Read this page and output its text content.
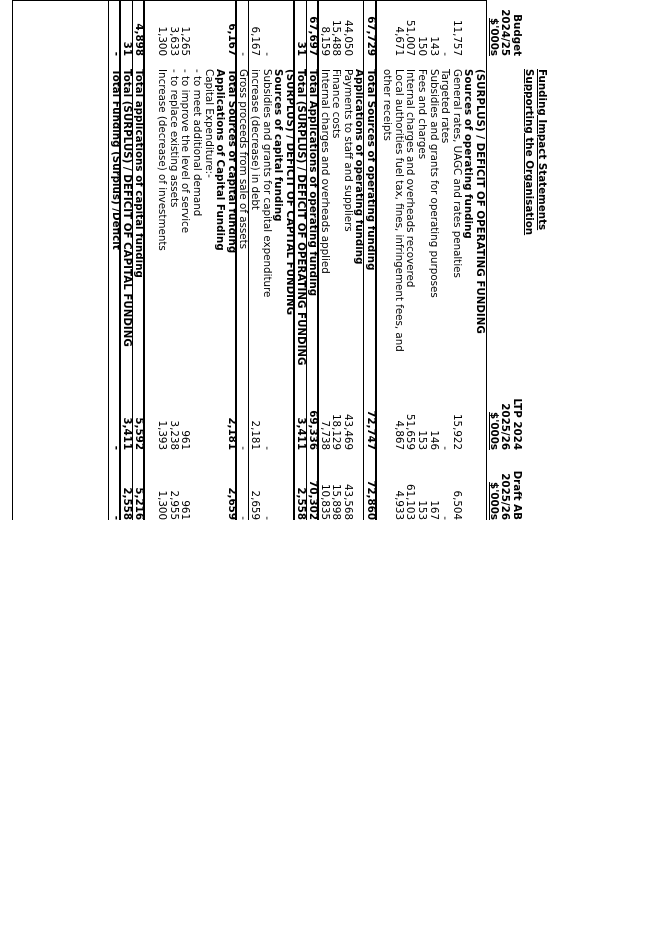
Funding Impact Statements
Supporting the Organisation
Budget
2024/25
$'000s
LTP 2024
2025/26
$'000s
Draft AB
2025/26
$'000s
(SURPLUS) / DEFICIT OF OPERATING FUNDING
Sources of operating funding
11,757
General rates, UAGC and rates penalties
15,922
6,504
-
Targeted rates
-
-
143
Subsidies and grants for operating purposes
146
167
150
Fees and charges
153
153
51,007
Internal charges and overheads recovered
51,659
61,103
4,671
Local authorities fuel tax, fines, infringement fees, and other receipts
4,867
4,933
67,729
Total Sources of operating funding
72,747
72,860
Applications of operating funding
44,050
Payments to staff and suppliers
43,469
43,568
15,488
Finance costs
18,129
15,898
8,159
Internal charges and overheads applied
7,738
10,835
67,697
Total Applications of operating funding
69,336
70,302
31
Total (SURPLUS) / DEFICIT OF OPERATING FUNDING
3,411
2,558
(SURPLUS) / DEFICIT OF CAPITAL FUNDING
Sources of capital funding
-
Subsidies and grants for capital expenditure
-
-
6,167
increase (decrease) in debt
2,181
2,659
-
Gross proceeds from sale of assets
-
-
6,167
Total Sources of capital funding
2,181
2,659
Applications of Capital Funding
Capital Expenditure:-
- to meet additional demand
1,265
- to improve the level of service
961
961
3,633
- to replace existing assets
3,238
2,955
1,300
Increase (decrease) of investments
1,393
1,300
4,898
Total applications of capital funding
5,592
5,216
31
Total (SURPLUS) / DEFICIT OF CAPITAL FUNDING
3,411
2,558
-
Total Funding (Surplus) /Deficit
-
-
